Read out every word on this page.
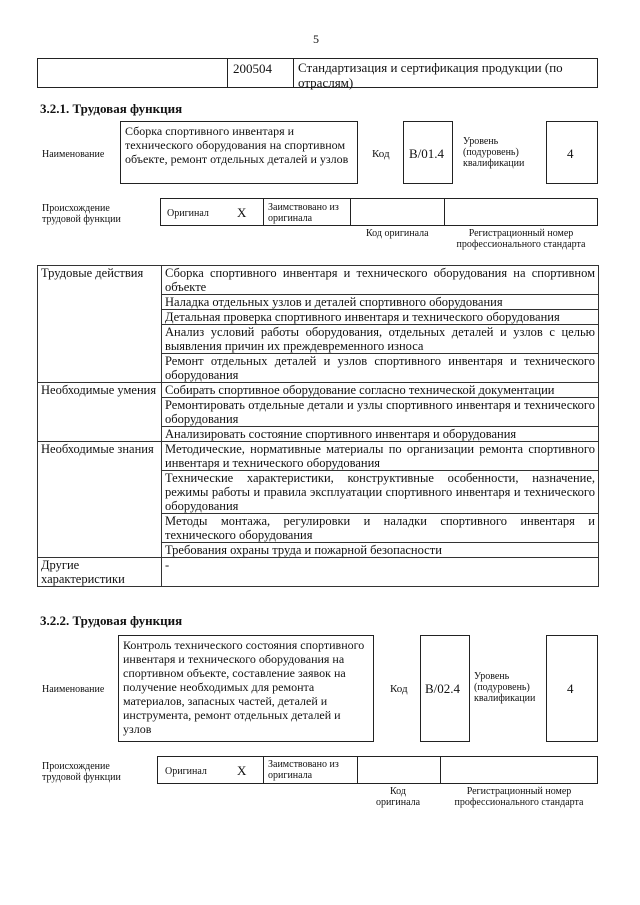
5
200504 Стандартизация и сертификация продукции (по отраслям)
3.2.1. Трудовая функция
Наименование
Сборка спортивного инвентаря и технического оборудования на спортивном объекте, ремонт отдельных деталей и узлов	Код B/01.4
Уровень (подуровень) квалификации
4
Происхождение трудовой функции
Оригинал X Заимствовано из оригинала
Код оригинала	Регистрационный номер профессионального стандарта
Трудовые действия	Сборка спортивного инвентаря и технического оборудования на спортивном объекте
	Наладка отдельных узлов и деталей спортивного оборудования
	Детальная проверка спортивного инвентаря и технического оборудования
	Анализ условий работы оборудования, отдельных деталей и узлов с целью выявления причин их преждевременного износа
	Ремонт отдельных деталей и узлов спортивного инвентаря и технического оборудования
Необходимые умения	Собирать спортивное оборудование согласно технической документации
	Ремонтировать отдельные детали и узлы спортивного инвентаря и технического оборудования
	Анализировать состояние спортивного инвентаря и оборудования
Необходимые знания	Методические, нормативные материалы по организации ремонта спортивного инвентаря и технического оборудования
	Технические характеристики, конструктивные особенности, назначение, режимы работы и правила эксплуатации спортивного инвентаря и технического оборудования
	Методы монтажа, регулировки и наладки спортивного инвентаря и технического оборудования
	Требования охраны труда и пожарной безопасности
Другие характеристики	-
3.2.2. Трудовая функция
Наименование
Контроль технического состояния спортивного инвентаря и технического оборудования на спортивном объекте, составление заявок на получение необходимых для ремонта материалов, запасных частей, деталей и инструмента, ремонт отдельных деталей и узлов
Код B/02.4
Уровень (подуровень) квалификации
4
Происхождение трудовой функции
Оригинал X Заимствовано из оригинала
Код оригинала
Регистрационный номер профессионального стандарта
